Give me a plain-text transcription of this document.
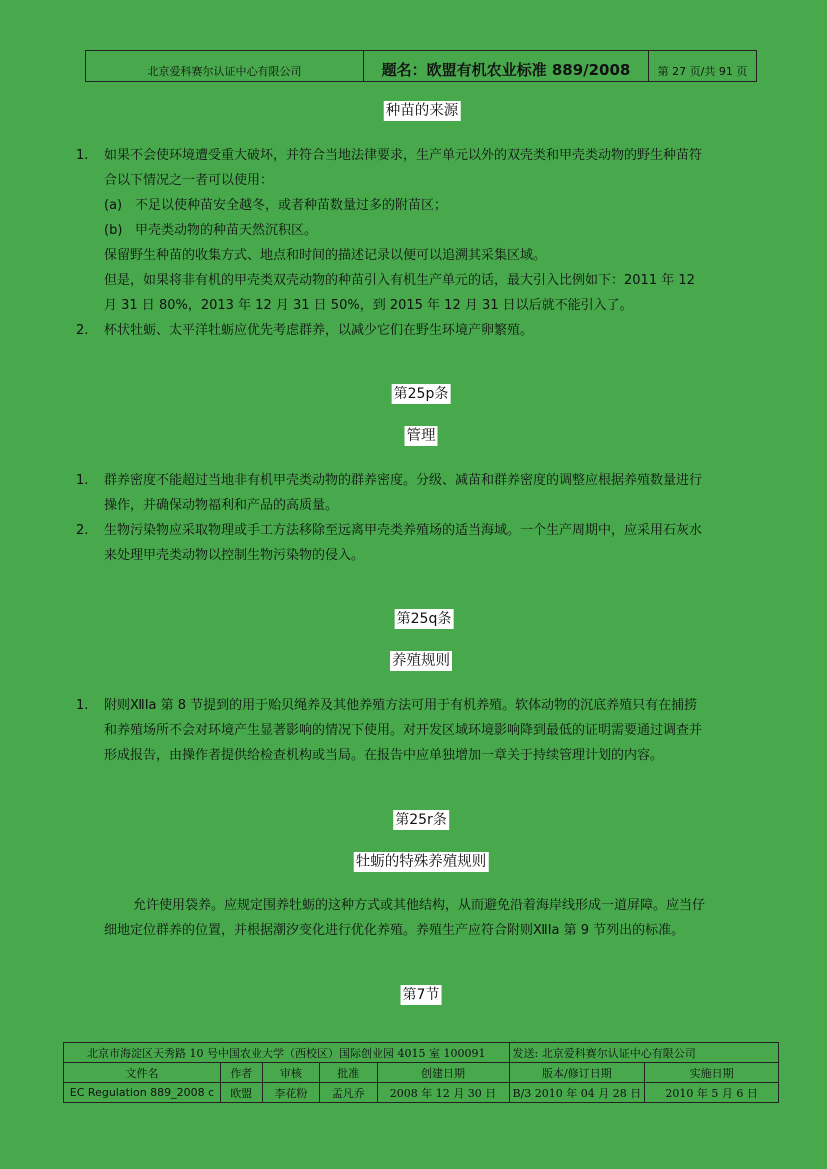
北京爱科赛尔认证中心有限公司	题名：欧盟有机农业标准 889/2008	第 27 页/共 91 页
种苗的来源
1. 如果不会使环境遭受重大破坏，并符合当地法律要求，生产单元以外的双壳类和甲壳类动物的野生种苗符
合以下情况之一者可以使用：
(a) 不足以使种苗安全越冬，或者种苗数量过多的附苗区；
(b) 甲壳类动物的种苗天然沉积区。
保留野生种苗的收集方式、地点和时间的描述记录以便可以追溯其采集区域。
但是，如果将非有机的甲壳类双壳动物的种苗引入有机生产单元的话，最大引入比例如下：2011 年 12
月 31 日 80%，2013 年 12 月 31 日 50%，到 2015 年 12 月 31 日以后就不能引入了。
2. 杯状牡蛎、太平洋牡蛎应优先考虑群养，以减少它们在野生环境产卵繁殖。
第25p条
管理
1. 群养密度不能超过当地非有机甲壳类动物的群养密度。分级、减苗和群养密度的调整应根据养殖数量进行
操作，并确保动物福利和产品的高质量。
2. 生物污染物应采取物理或手工方法移除至远离甲壳类养殖场的适当海域。一个生产周期中，应采用石灰水
来处理甲壳类动物以控制生物污染物的侵入。
第25q条
养殖规则
1. 附则ⅫIa 第 8 节提到的用于贻贝绳养及其他养殖方法可用于有机养殖。软体动物的沉底养殖只有在捕捞
和养殖场所不会对环境产生显著影响的情况下使用。对开发区域环境影响降到最低的证明需要通过调查并
形成报告，由操作者提供给检查机构或当局。在报告中应单独增加一章关于持续管理计划的内容。
第25r条
牡蛎的特殊养殖规则
允许使用袋养。应规定围养牡蛎的这种方式或其他结构，从而避免沿着海岸线形成一道屏障。应当仔
细地定位群养的位置，并根据潮汐变化进行优化养殖。养殖生产应符合附则ⅫIa 第 9 节列出的标准。
第7节
北京市海淀区天秀路 10 号中国农业大学（西校区）国际创业园 4015 室 100091					发送: 北京爱科赛尔认证中心有限公司	
文件名	作者	审核	批准	创建日期	版本/修订日期	实施日期
EC Regulation 889_2008 c	欧盟	李花粉	孟凡乔	2008 年 12 月 30 日	B/3 2010 年 04 月 28 日	2010 年 5 月 6 日
